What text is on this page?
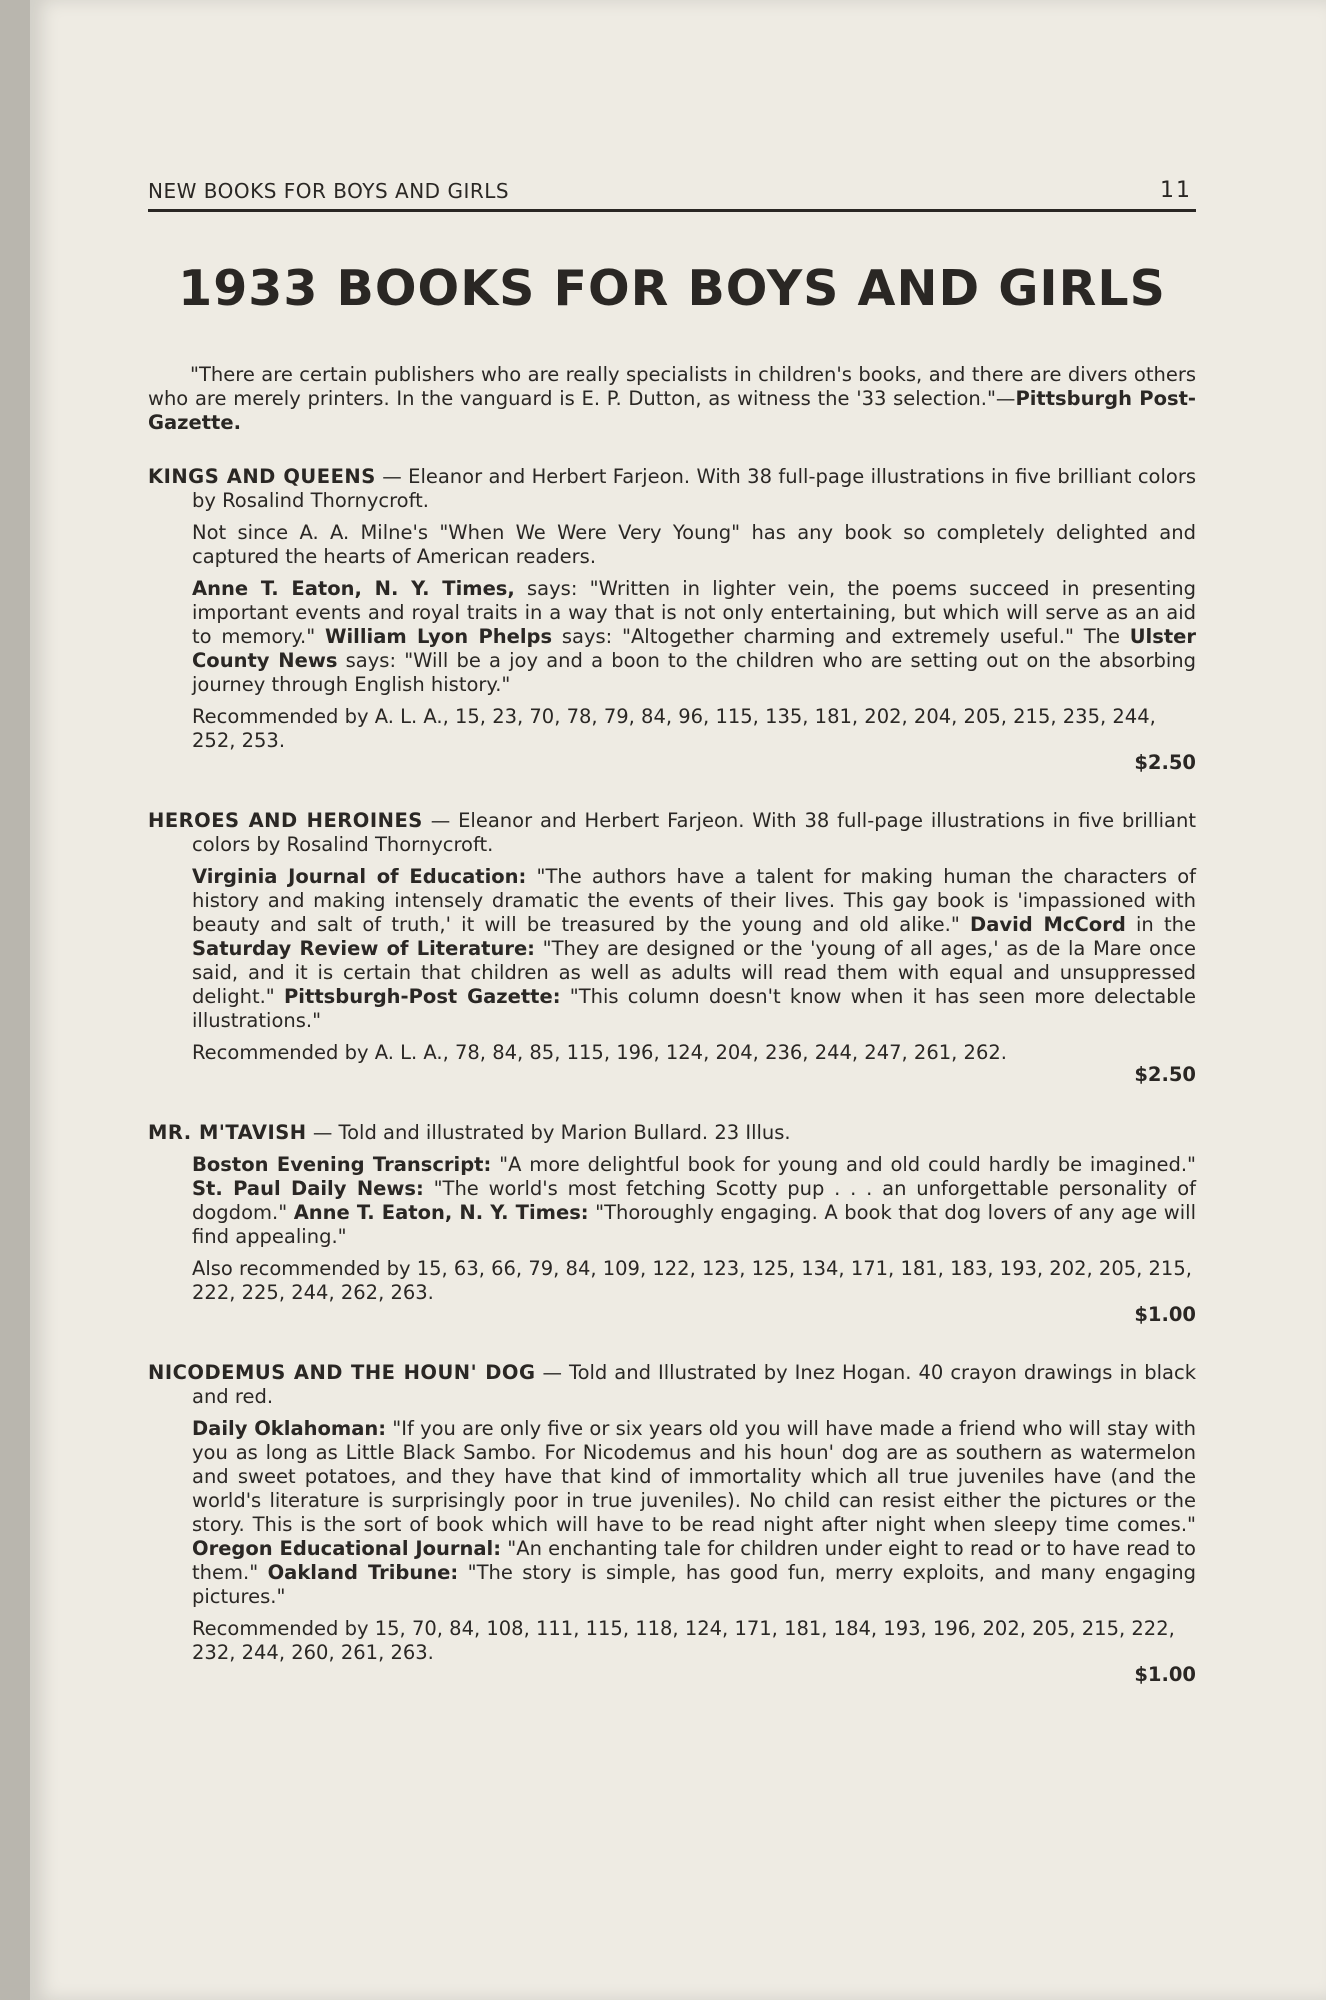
NEW BOOKS FOR BOYS AND GIRLS	11
1933 BOOKS FOR BOYS AND GIRLS

"There are certain publishers who are really specialists in children's books, and there are divers others who are merely printers. In the vanguard is E. P. Dutton, as witness the '33 selection."—Pittsburgh Post-Gazette.

KINGS AND QUEENS — Eleanor and Herbert Farjeon. With 38 full-page illustrations in five brilliant colors by Rosalind Thornycroft.

Not since A. A. Milne's "When We Were Very Young" has any book so completely delighted and captured the hearts of American readers.

Anne T. Eaton, N. Y. Times, says: "Written in lighter vein, the poems succeed in presenting important events and royal traits in a way that is not only entertaining, but which will serve as an aid to memory." William Lyon Phelps says: "Altogether charming and extremely useful." The Ulster County News says: "Will be a joy and a boon to the children who are setting out on the absorbing journey through English history."

Recommended by A. L. A., 15, 23, 70, 78, 79, 84, 96, 115, 135, 181, 202, 204, 205, 215, 235, 244, 252, 253.

$2.50

HEROES AND HEROINES — Eleanor and Herbert Farjeon. With 38 full-page illustrations in five brilliant colors by Rosalind Thornycroft.

Virginia Journal of Education: "The authors have a talent for making human the characters of history and making intensely dramatic the events of their lives. This gay book is 'impassioned with beauty and salt of truth,' it will be treasured by the young and old alike." David McCord in the Saturday Review of Literature: "They are designed or the 'young of all ages,' as de la Mare once said, and it is certain that children as well as adults will read them with equal and unsuppressed delight." Pittsburgh-Post Gazette: "This column doesn't know when it has seen more delectable illustrations."

Recommended by A. L. A., 78, 84, 85, 115, 196, 124, 204, 236, 244, 247, 261, 262.

$2.50

MR. M'TAVISH — Told and illustrated by Marion Bullard. 23 Illus.

Boston Evening Transcript: "A more delightful book for young and old could hardly be imagined." St. Paul Daily News: "The world's most fetching Scotty pup . . . an unforgettable personality of dogdom." Anne T. Eaton, N. Y. Times: "Thoroughly engaging. A book that dog lovers of any age will find appealing."

Also recommended by 15, 63, 66, 79, 84, 109, 122, 123, 125, 134, 171, 181, 183, 193, 202, 205, 215, 222, 225, 244, 262, 263.

$1.00

NICODEMUS AND THE HOUN' DOG — Told and Illustrated by Inez Hogan. 40 crayon drawings in black and red.

Daily Oklahoman: "If you are only five or six years old you will have made a friend who will stay with you as long as Little Black Sambo. For Nicodemus and his houn' dog are as southern as watermelon and sweet potatoes, and they have that kind of immortality which all true juveniles have (and the world's literature is surprisingly poor in true juveniles). No child can resist either the pictures or the story. This is the sort of book which will have to be read night after night when sleepy time comes." Oregon Educational Journal: "An enchanting tale for children under eight to read or to have read to them." Oakland Tribune: "The story is simple, has good fun, merry exploits, and many engaging pictures."

Recommended by 15, 70, 84, 108, 111, 115, 118, 124, 171, 181, 184, 193, 196, 202, 205, 215, 222, 232, 244, 260, 261, 263.

$1.00
